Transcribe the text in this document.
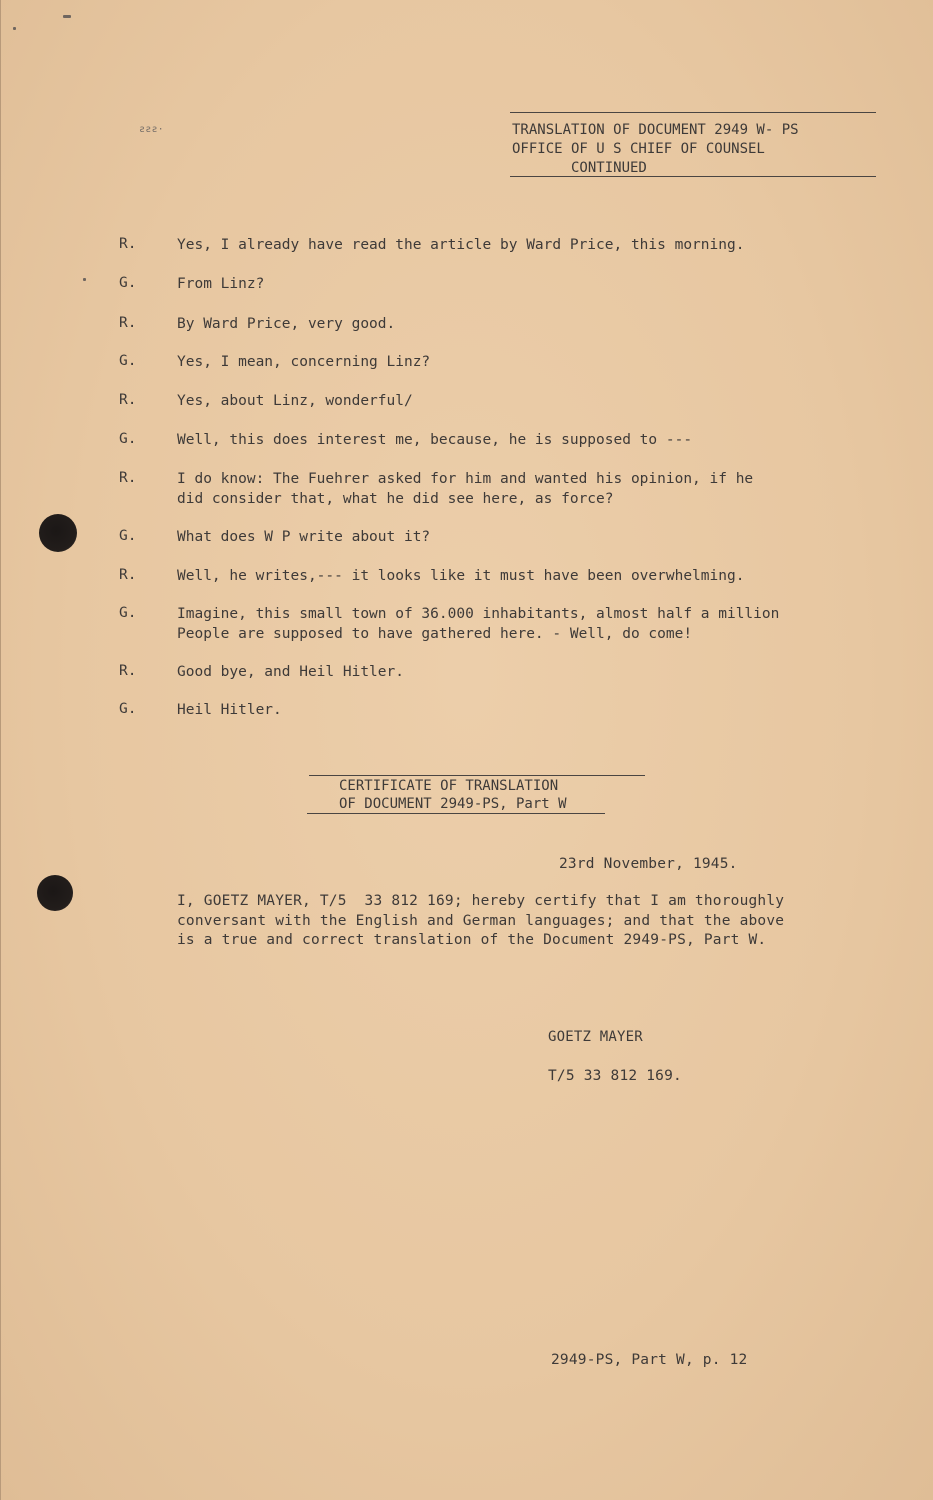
ƨƨƨ·	TRANSLATION OF DOCUMENT 2949 W- PS
OFFICE OF U S CHIEF OF COUNSEL
CONTINUED
R.	Yes, I already have read the article by Ward Price, this morning.
G.	From Linz?
R.	By Ward Price, very good.
G.	Yes, I mean, concerning Linz?
R.	Yes, about Linz, wonderful/
G.	Well, this does interest me, because, he is supposed to ---
R.	I do know: The Fuehrer asked for him and wanted his opinion, if he
did consider that, what he did see here, as force?
G.	What does W P write about it?
R.	Well, he writes,--- it looks like it must have been overwhelming.
G.	Imagine, this small town of 36.000 inhabitants, almost half a million
People are supposed to have gathered here. - Well, do come!
R.	Good bye, and Heil Hitler.
G.	Heil Hitler.
CERTIFICATE OF TRANSLATION
OF DOCUMENT 2949-PS, Part W
23rd November, 1945.
I, GOETZ MAYER, T/5  33 812 169; hereby certify that I am thoroughly
conversant with the English and German languages; and that the above
is a true and correct translation of the Document 2949-PS, Part W.
GOETZ MAYER
T/5 33 812 169.
2949-PS, Part W, p. 12
